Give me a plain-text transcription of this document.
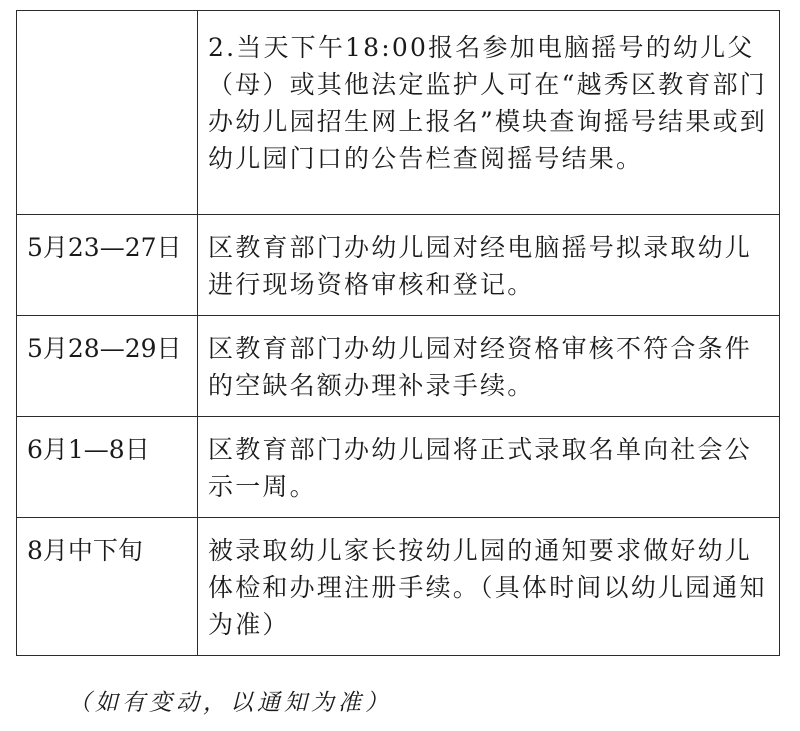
	2.当天下午18:00报名参加电脑摇号的幼儿父（母）或其他法定监护人可在“越秀区教育部门办幼儿园招生网上报名”模块查询摇号结果或到幼儿园门口的公告栏查阅摇号结果。
5月23—27日	区教育部门办幼儿园对经电脑摇号拟录取幼儿进行现场资格审核和登记。
5月28—29日	区教育部门办幼儿园对经资格审核不符合条件的空缺名额办理补录手续。
6月1—8日	区教育部门办幼儿园将正式录取名单向社会公示一周。
8月中下旬	被录取幼儿家长按幼儿园的通知要求做好幼儿体检和办理注册手续。（具体时间以幼儿园通知为准）
（如有变动，以通知为准）
